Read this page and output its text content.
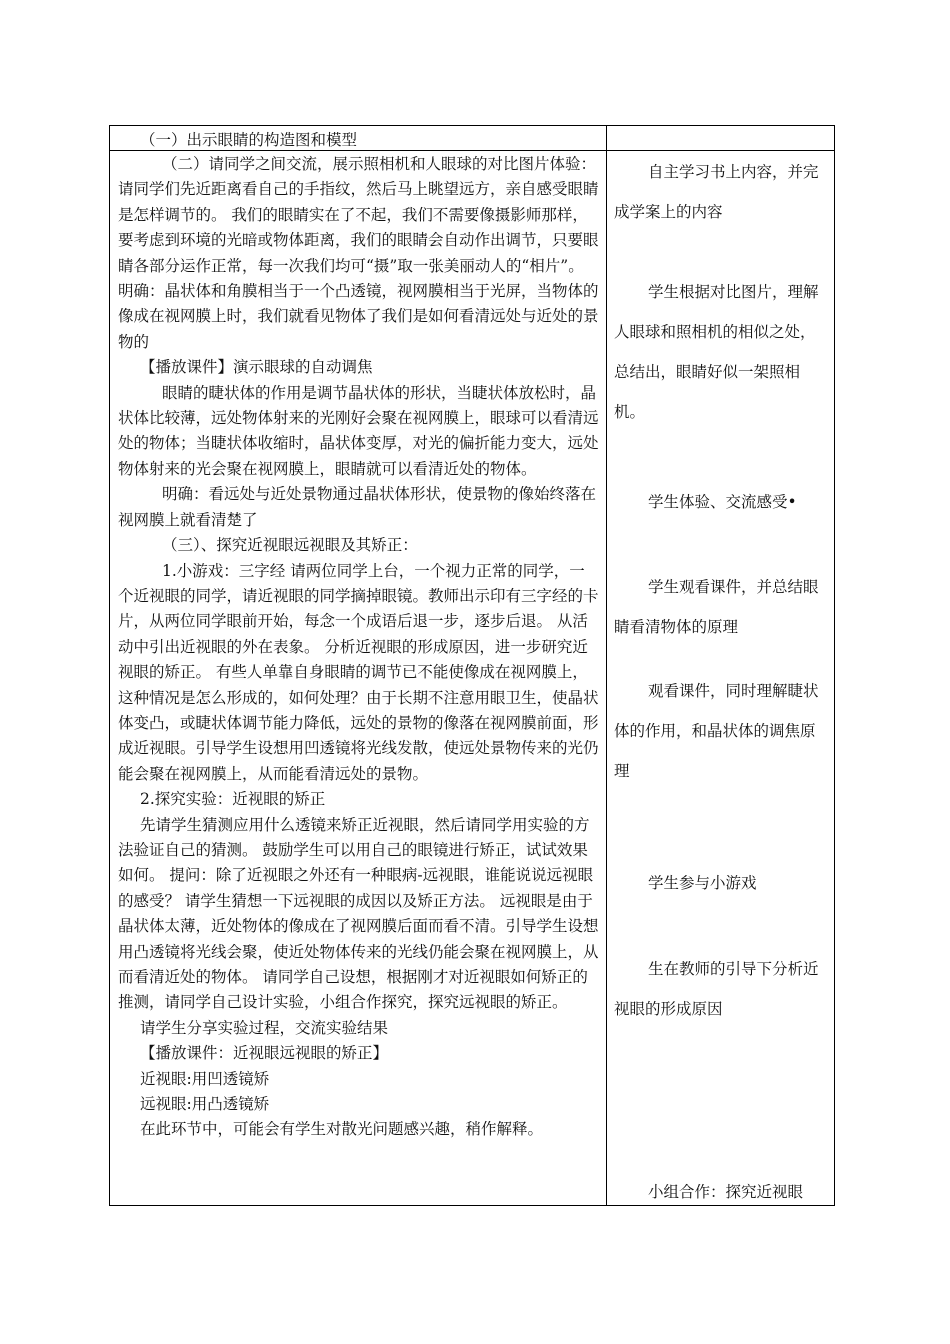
（一）出示眼睛的构造图和模型

（二）请同学之间交流，展示照相机和人眼球的对比图片体验：请同学们先近距离看自己的手指纹，然后马上眺望远方，亲自感受眼睛是怎样调节的。 我们的眼睛实在了不起，我们不需要像摄影师那样，要考虑到环境的光暗或物体距离，我们的眼睛会自动作出调节，只要眼睛各部分运作正常，每一次我们均可“摄”取一张美丽动人的“相片”。 明确：晶状体和角膜相当于一个凸透镜，视网膜相当于光屏，当物体的像成在视网膜上时，我们就看见物体了我们是如何看清远处与近处的景物的

【播放课件】演示眼球的自动调焦

眼睛的睫状体的作用是调节晶状体的形状，当睫状体放松时，晶状体比较薄，远处物体射来的光刚好会聚在视网膜上，眼球可以看清远处的物体；当睫状体收缩时，晶状体变厚，对光的偏折能力变大，远处物体射来的光会聚在视网膜上，眼睛就可以看清近处的物体。

明确：看远处与近处景物通过晶状体形状，使景物的像始终落在视网膜上就看清楚了

（三）、探究近视眼远视眼及其矫正：

1.小游戏：三字经 请两位同学上台，一个视力正常的同学，一个近视眼的同学，请近视眼的同学摘掉眼镜。教师出示印有三字经的卡片，从两位同学眼前开始，每念一个成语后退一步，逐步后退。 从活动中引出近视眼的外在表象。 分析近视眼的形成原因，进一步研究近视眼的矫正。 有些人单靠自身眼睛的调节已不能使像成在视网膜上，这种情况是怎么形成的，如何处理？由于长期不注意用眼卫生，使晶状体变凸，或睫状体调节能力降低，远处的景物的像落在视网膜前面，形成近视眼。引导学生设想用凹透镜将光线发散，使远处景物传来的光仍能会聚在视网膜上，从而能看清远处的景物。

2.探究实验：近视眼的矫正

先请学生猜测应用什么透镜来矫正近视眼，然后请同学用实验的方法验证自己的猜测。 鼓励学生可以用自己的眼镜进行矫正，试试效果如何。 提问：除了近视眼之外还有一种眼病-远视眼，谁能说说远视眼的感受？ 请学生猜想一下远视眼的成因以及矫正方法。 远视眼是由于晶状体太薄，近处物体的像成在了视网膜后面而看不清。引导学生设想用凸透镜将光线会聚，使近处物体传来的光线仍能会聚在视网膜上，从而看清近处的物体。 请同学自己设想，根据刚才对近视眼如何矫正的推测，请同学自己设计实验，小组合作探究，探究远视眼的矫正。

请学生分享实验过程，交流实验结果

【播放课件：近视眼远视眼的矫正】

近视眼:用凹透镜矫

远视眼:用凸透镜矫

在此环节中，可能会有学生对散光问题感兴趣，稍作解释。

自主学习书上内容，并完成学案上的内容

学生根据对比图片，理解人眼球和照相机的相似之处，总结出，眼睛好似一架照相机。

学生体验、交流感受•

学生观看课件，并总结眼睛看清物体的原理

观看课件，同时理解睫状体的作用，和晶状体的调焦原理

学生参与小游戏

生在教师的引导下分析近视眼的形成原因

小组合作：探究近视眼
